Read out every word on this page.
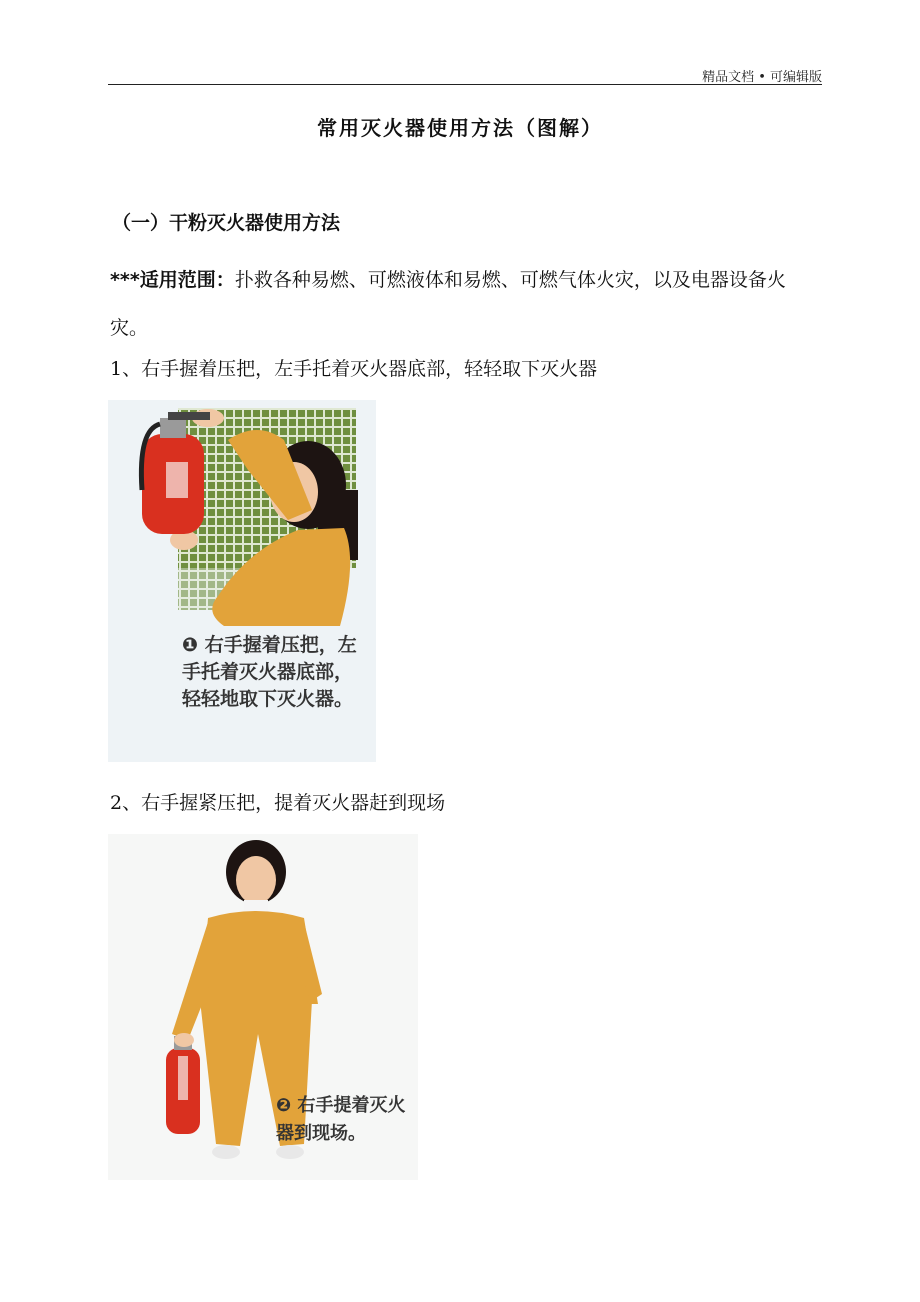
精品文档 • 可编辑版
常用灭火器使用方法（图解）
（一）干粉灭火器使用方法
***适用范围：扑救各种易燃、可燃液体和易燃、可燃气体火灾，以及电器设备火灾。
1、右手握着压把，左手托着灭火器底部，轻轻取下灭火器
❶ 右手握着压把，左手托着灭火器底部，轻轻地取下灭火器。
2、右手握紧压把，提着灭火器赶到现场
❷ 右手提着灭火器到现场。
